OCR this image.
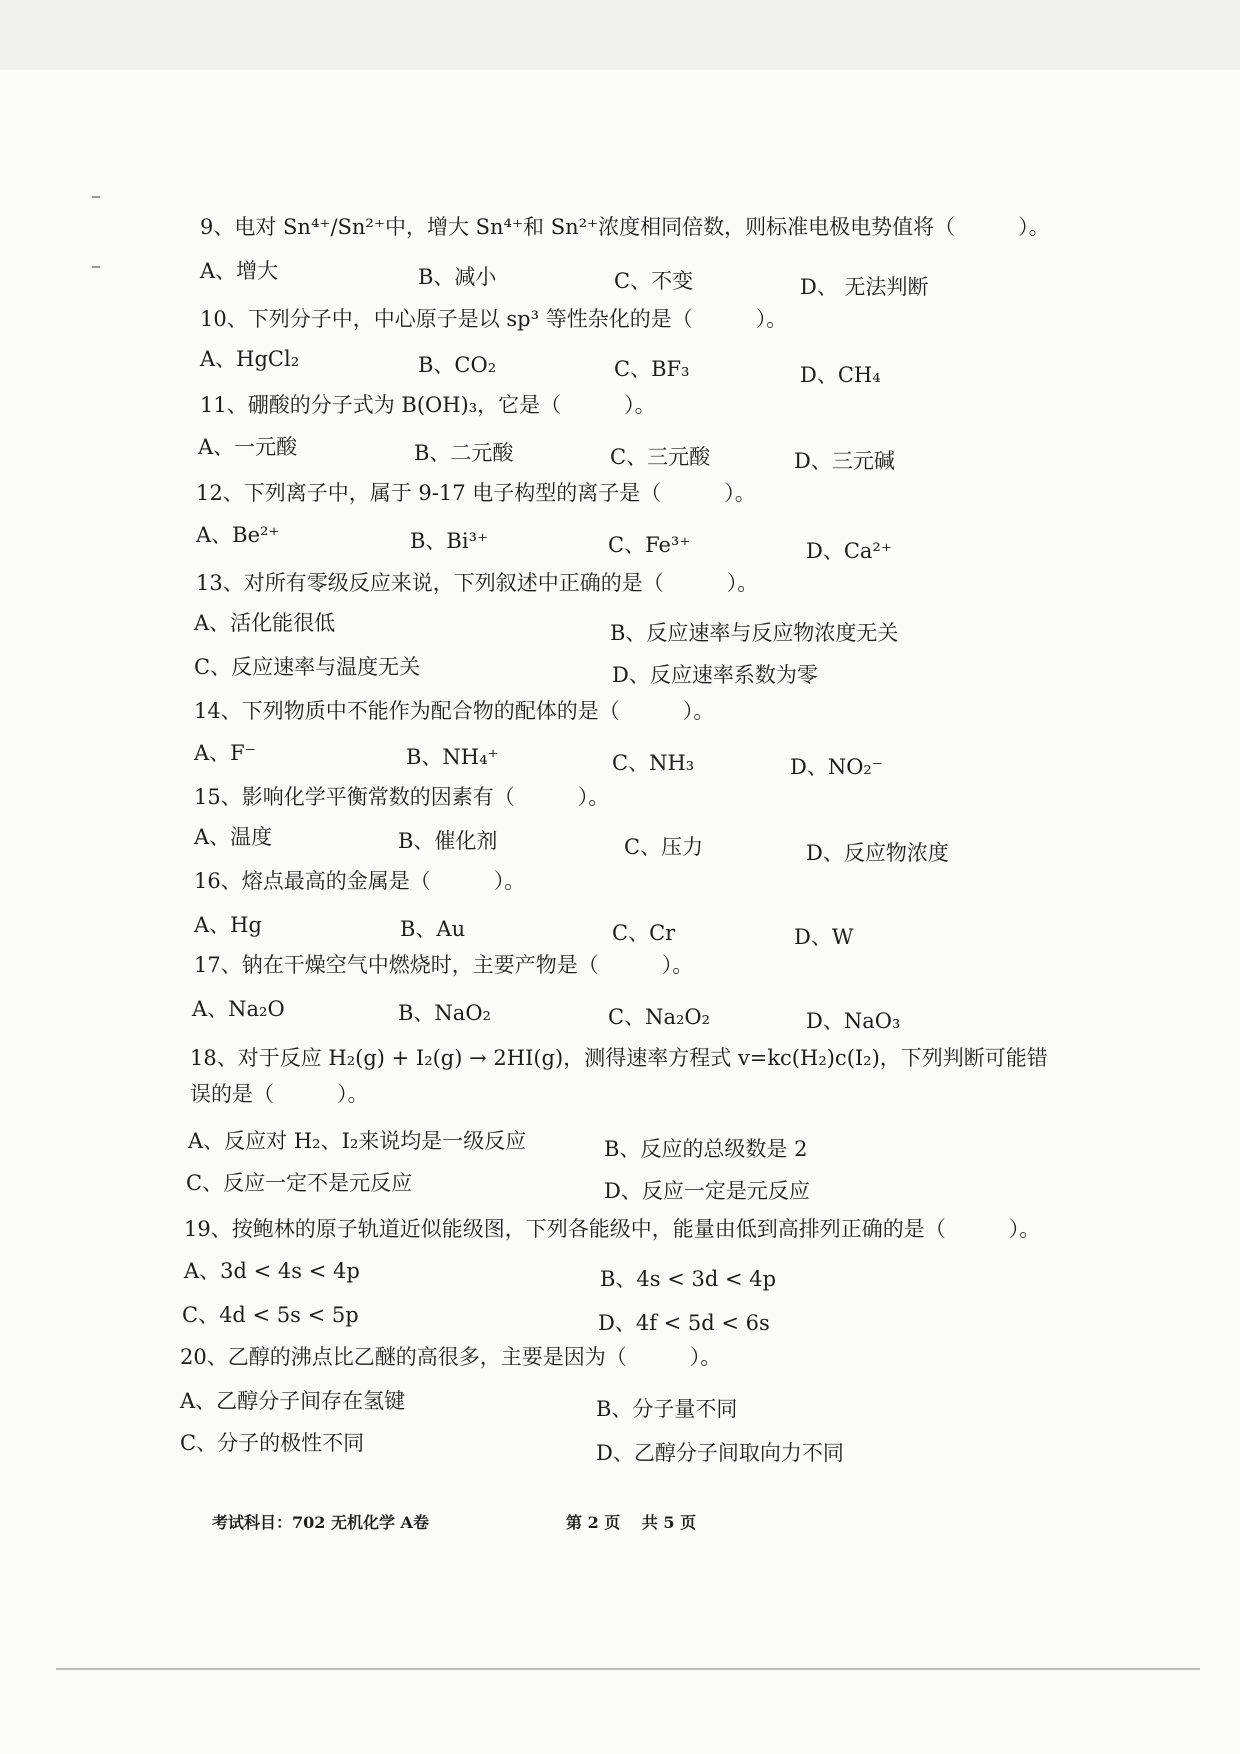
9、电对 Sn⁴⁺/Sn²⁺中，增大 Sn⁴⁺和 Sn²⁺浓度相同倍数，则标准电极电势值将（　　　）。
A、增大	B、减小	C、不变	D、 无法判断
10、下列分子中，中心原子是以 sp³ 等性杂化的是（　　　）。
A、HgCl₂	B、CO₂	C、BF₃	D、CH₄
11、硼酸的分子式为 B(OH)₃，它是（　　　）。
A、一元酸	B、二元酸	C、三元酸	D、三元碱
12、下列离子中，属于 9-17 电子构型的离子是（　　　）。
A、Be²⁺	B、Bi³⁺	C、Fe³⁺	D、Ca²⁺
13、对所有零级反应来说，下列叙述中正确的是（　　　）。
A、活化能很低	B、反应速率与反应物浓度无关
C、反应速率与温度无关	D、反应速率系数为零
14、下列物质中不能作为配合物的配体的是（　　　）。
A、F⁻	B、NH₄⁺	C、NH₃	D、NO₂⁻
15、影响化学平衡常数的因素有（　　　）。
A、温度	B、催化剂	C、压力	D、反应物浓度
16、熔点最高的金属是（　　　）。
A、Hg	B、Au	C、Cr	D、W
17、钠在干燥空气中燃烧时，主要产物是（　　　）。
A、Na₂O	B、NaO₂	C、Na₂O₂	D、NaO₃
18、对于反应 H₂(g) + I₂(g) → 2HI(g)，测得速率方程式 v=kc(H₂)c(I₂)，下列判断可能错误的是（　　　）。
A、反应对 H₂、I₂来说均是一级反应	B、反应的总级数是 2
C、反应一定不是元反应	D、反应一定是元反应
19、按鲍林的原子轨道近似能级图，下列各能级中，能量由低到高排列正确的是（　　　）。
A、3d < 4s < 4p	B、4s < 3d < 4p
C、4d < 5s < 5p	D、4f < 5d < 6s
20、乙醇的沸点比乙醚的高很多，主要是因为（　　　）。
A、乙醇分子间存在氢键	B、分子量不同
C、分子的极性不同	D、乙醇分子间取向力不同
考试科目：702 无机化学 A卷	第 2 页　 共 5 页
